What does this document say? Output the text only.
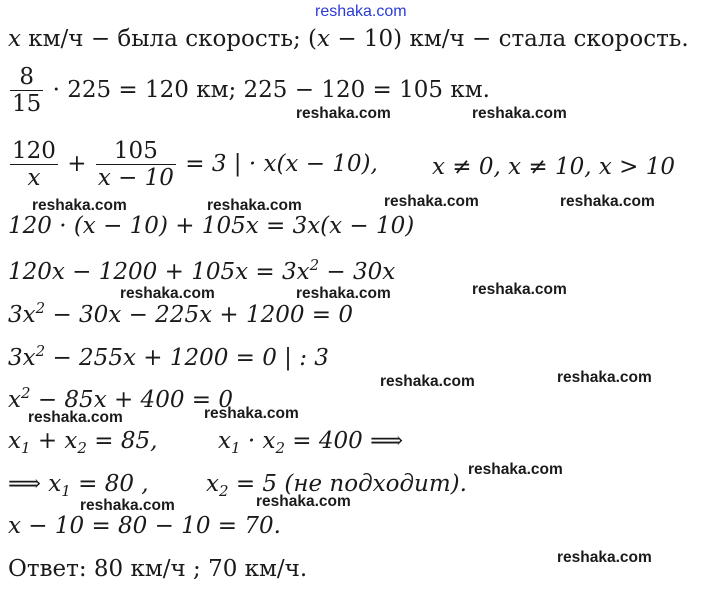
reshaka.com
reshaka.com	reshaka.com
reshaka.com	reshaka.com	reshaka.com	reshaka.com
reshaka.com	reshaka.com	reshaka.com
reshaka.com	reshaka.com
reshaka.com	reshaka.com
reshaka.com
reshaka.com	reshaka.com
reshaka.com
x км/ч − была скорость; (x − 10) км/ч − стала скорость.
$\frac{8}{15} \cdot 225 = 120$ км; 225 − 120 = 105 км.
$\frac{120}{x} + \frac{105}{x - 10} = 3$ | · x(x − 10), x ≠ 0, x ≠ 10, x > 10
120 · (x − 10) + 105x = 3x(x − 10)
$120x - 1200 + 105x = 3x^2 - 30x$
$3x^2 - 30x - 225x + 1200 = 0$
$3x^2 - 255x + 1200 = 0$ | : 3
$x^2 - 85x + 400 = 0$
$x_1 + x_2 = 85$,	$x_1 \cdot x_2 = 400$ ⟹
⟹ $x_1 = 80$ , $x_2 = 5$ (не подходит).
x − 10 = 80 − 10 = 70.
Ответ: 80 км/ч ; 70 км/ч.
